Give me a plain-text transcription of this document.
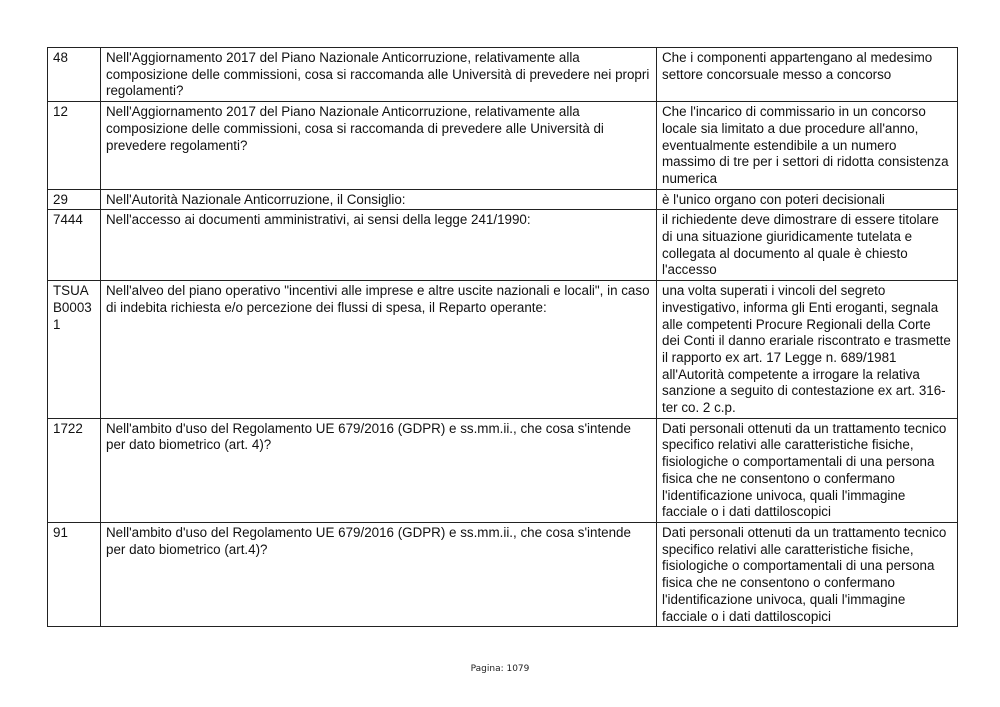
48	Nell'Aggiornamento 2017 del Piano Nazionale Anticorruzione, relativamente alla composizione delle commissioni, cosa si raccomanda alle Università di prevedere nei propri regolamenti?	Che i componenti appartengano al medesimo settore concorsuale messo a concorso
12	Nell'Aggiornamento 2017 del Piano Nazionale Anticorruzione, relativamente alla composizione delle commissioni, cosa si raccomanda di prevedere alle Università di prevedere regolamenti?	Che l'incarico di commissario in un concorso locale sia limitato a due procedure all'anno, eventualmente estendibile a un numero massimo di tre per i settori di ridotta consistenza numerica
29	Nell'Autorità Nazionale Anticorruzione, il Consiglio:	è l'unico organo con poteri decisionali
7444	Nell'accesso ai documenti amministrativi, ai sensi della legge 241/1990:	il richiedente deve dimostrare di essere titolare di una situazione giuridicamente tutelata e collegata al documento al quale è chiesto l'accesso
TSUAB00031	Nell'alveo del piano operativo "incentivi alle imprese e altre uscite nazionali e locali", in caso di indebita richiesta e/o percezione dei flussi di spesa, il Reparto operante:	una volta superati i vincoli del segreto investigativo, informa gli Enti eroganti, segnala alle competenti Procure Regionali della Corte dei Conti il danno erariale riscontrato e trasmette il rapporto ex art. 17 Legge n. 689/1981 all'Autorità competente a irrogare la relativa sanzione a seguito di contestazione ex art. 316-ter co. 2 c.p.
1722	Nell'ambito d'uso del Regolamento UE 679/2016 (GDPR) e ss.mm.ii., che cosa s'intende per dato biometrico (art. 4)?	Dati personali ottenuti da un trattamento tecnico specifico relativi alle caratteristiche fisiche, fisiologiche o comportamentali di una persona fisica che ne consentono o confermano l'identificazione univoca, quali l'immagine facciale o i dati dattiloscopici
91	Nell'ambito d'uso del Regolamento UE 679/2016 (GDPR) e ss.mm.ii., che cosa s'intende per dato biometrico (art.4)?	Dati personali ottenuti da un trattamento tecnico specifico relativi alle caratteristiche fisiche, fisiologiche o comportamentali di una persona fisica che ne consentono o confermano l'identificazione univoca, quali l'immagine facciale o i dati dattiloscopici
Pagina: 1079
